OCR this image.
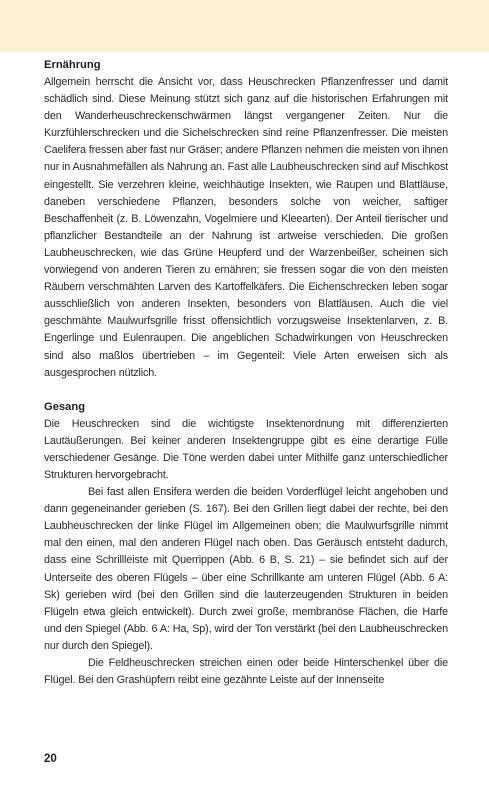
Ernährung

Allgemein herrscht die Ansicht vor, dass Heuschrecken Pflanzenfresser und damit schädlich sind. Diese Meinung stützt sich ganz auf die historischen Erfahrungen mit den Wanderheuschreckenschwärmen längst vergangener Zeiten. Nur die Kurzfühlerschrecken und die Sichelschrecken sind reine Pflanzenfresser. Die meisten Caelifera fressen aber fast nur Gräser; andere Pflanzen nehmen die meisten von ihnen nur in Ausnahmefällen als Nahrung an. Fast alle Laubheuschrecken sind auf Mischkost eingestellt. Sie verzehren kleine, weichhäutige Insekten, wie Raupen und Blattläuse, daneben verschiedene Pflanzen, besonders solche von weicher, saftiger Beschaffenheit (z. B. Löwenzahn, Vogelmiere und Kleearten). Der Anteil tierischer und pflanzlicher Bestandteile an der Nahrung ist artweise verschieden. Die großen Laubheuschrecken, wie das Grüne Heupferd und der Warzenbeißer, scheinen sich vorwiegend von anderen Tieren zu ernähren; sie fressen sogar die von den meisten Räubern verschmähten Larven des Kartoffelkäfers. Die Eichenschrecken leben sogar ausschließlich von anderen Insekten, besonders von Blattläusen. Auch die viel geschmähte Maulwurfsgrille frisst offensichtlich vorzugsweise Insektenlarven, z. B. Engerlinge und Eulenraupen. Die angeblichen Schadwirkungen von Heuschrecken sind also maßlos übertrieben – im Gegenteil: Viele Arten erweisen sich als ausgesprochen nützlich.

Gesang

Die Heuschrecken sind die wichtigste Insektenordnung mit differenzierten Lautäußerungen. Bei keiner anderen Insektengruppe gibt es eine derartige Fülle verschiedener Gesänge. Die Töne werden dabei unter Mithilfe ganz unterschiedlicher Strukturen hervorgebracht.

Bei fast allen Ensifera werden die beiden Vorderflügel leicht angehoben und dann gegeneinander gerieben (S. 167). Bei den Grillen liegt dabei der rechte, bei den Laubheuschrecken der linke Flügel im Allgemeinen oben; die Maulwurfsgrille nimmt mal den einen, mal den anderen Flügel nach oben. Das Geräusch entsteht dadurch, dass eine Schrillleiste mit Querrippen (Abb. 6 B, S. 21) – sie befindet sich auf der Unterseite des oberen Flügels – über eine Schrillkante am unteren Flügel (Abb. 6 A: Sk) gerieben wird (bei den Grillen sind die lauterzeugenden Strukturen in beiden Flügeln etwa gleich entwickelt). Durch zwei große, membranöse Flächen, die Harfe und den Spiegel (Abb. 6 A: Ha, Sp), wird der Ton verstärkt (bei den Laubheuschrecken nur durch den Spiegel).

Die Feldheuschrecken streichen einen oder beide Hinterschenkel über die Flügel. Bei den Grashüpfern reibt eine gezähnte Leiste auf der Innenseite

20
